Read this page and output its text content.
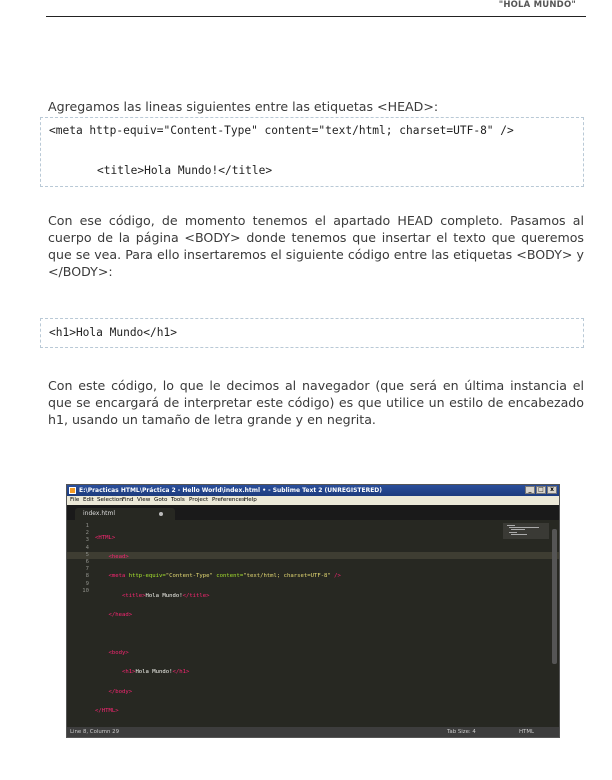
"HOLA MUNDO"

Agregamos las lineas siguientes entre las etiquetas <HEAD>:

<meta http-equiv="Content-Type" content="text/html; charset=UTF-8" />
<title>Hola Mundo!</title>

Con ese código, de momento tenemos el apartado HEAD completo. Pasamos al cuerpo de la página <BODY> donde tenemos que insertar el texto que queremos que se vea. Para ello insertaremos el siguiente código entre las etiquetas <BODY> y </BODY>:

<h1>Hola Mundo</h1>

Con este código, lo que le decimos al navegador (que será en última instancia el que se encargará de interpretar este código) es que utilice un estilo de encabezado h1, usando un tamaño de letra grande y en negrita.

E:\Practicas HTML\Práctica 2 - Hello World\index.html • - Sublime Text 2 (UNREGISTERED)	_	□	x
File Edit Selection Find View Goto Tools Project Preferences Help
index.html
1
2
3
4
5
6
7
8
9
10

<HTML>

<head>

<meta http-equiv="Content-Type" content="text/html; charset=UTF-8" />

<title>Hola Mundo!</title>

</head>

<body>

<h1>Hola Mundo!</h1>

</body>

</HTML>

Line 8, Column 29	Tab Size: 4	HTML
